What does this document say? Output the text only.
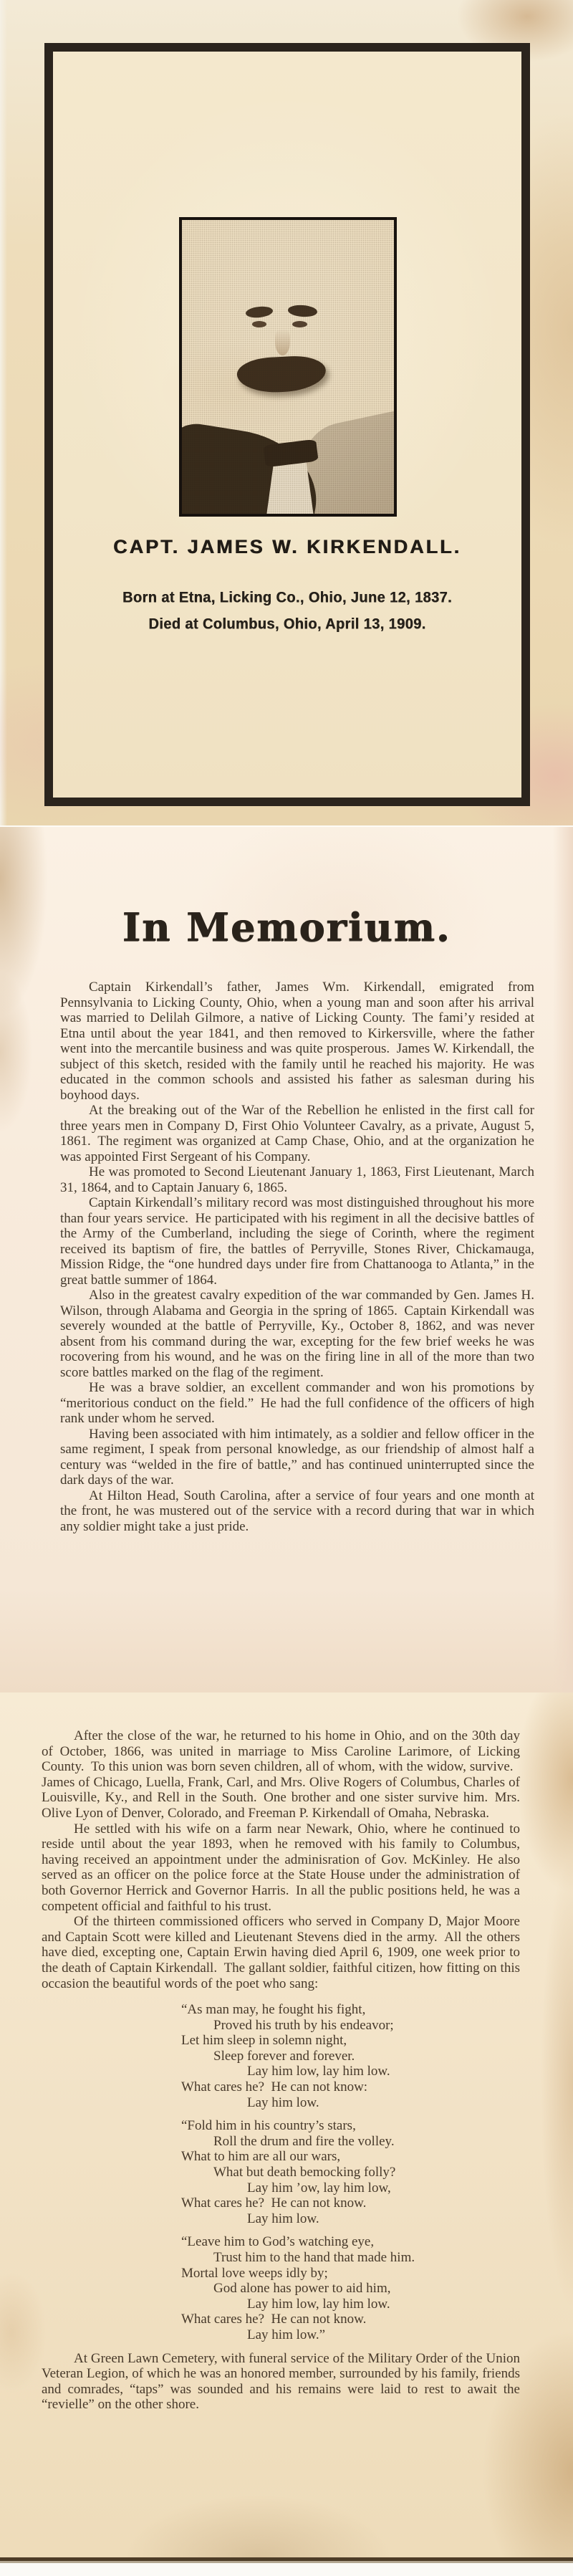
CAPT. JAMES W. KIRKENDALL.

Born at Etna, Licking Co., Ohio, June 12, 1837.

Died at Columbus, Ohio, April 13, 1909.

In Memorium.

Captain Kirkendall’s father, James Wm. Kirkendall, emigrated from Pennsylvania to Licking County, Ohio, when a young man and soon after his arrival was married to Delilah Gilmore, a native of Licking County. The fami’y resided at Etna until about the year 1841, and then removed to Kirkersville, where the father went into the mercantile business and was quite prosperous. James W. Kirkendall, the subject of this sketch, resided with the family until he reached his majority. He was educated in the common schools and assisted his father as salesman during his boyhood days.

At the breaking out of the War of the Rebellion he enlisted in the first call for three years men in Company D, First Ohio Volunteer Cavalry, as a private, August 5, 1861. The regiment was organized at Camp Chase, Ohio, and at the organization he was appointed First Sergeant of his Company.

He was promoted to Second Lieutenant January 1, 1863, First Lieutenant, March 31, 1864, and to Captain January 6, 1865.

Captain Kirkendall’s military record was most distinguished throughout his more than four years service. He participated with his regiment in all the decisive battles of the Army of the Cumberland, including the siege of Corinth, where the regiment received its baptism of fire, the battles of Perryville, Stones River, Chickamauga, Mission Ridge, the “one hundred days under fire from Chattanooga to Atlanta,” in the great battle summer of 1864.

Also in the greatest cavalry expedition of the war commanded by Gen. James H. Wilson, through Alabama and Georgia in the spring of 1865. Captain Kirkendall was severely wounded at the battle of Perryville, Ky., October 8, 1862, and was never absent from his command during the war, excepting for the few brief weeks he was rocovering from his wound, and he was on the firing line in all of the more than two score battles marked on the flag of the regiment.

He was a brave soldier, an excellent commander and won his promotions by “meritorious conduct on the field.” He had the full confidence of the officers of high rank under whom he served.

Having been associated with him intimately, as a soldier and fellow officer in the same regiment, I speak from personal knowledge, as our friendship of almost half a century was “welded in the fire of battle,” and has continued uninterrupted since the dark days of the war.

At Hilton Head, South Carolina, after a service of four years and one month at the front, he was mustered out of the service with a record during that war in which any soldier might take a just pride.

After the close of the war, he returned to his home in Ohio, and on the 30th day of October, 1866, was united in marriage to Miss Caroline Larimore, of Licking County. To this union was born seven children, all of whom, with the widow, survive. James of Chicago, Luella, Frank, Carl, and Mrs. Olive Rogers of Columbus, Charles of Louisville, Ky., and Rell in the South. One brother and one sister survive him. Mrs. Olive Lyon of Denver, Colorado, and Freeman P. Kirkendall of Omaha, Nebraska.

He settled with his wife on a farm near Newark, Ohio, where he continued to reside until about the year 1893, when he removed with his family to Columbus, having received an appointment under the adminisration of Gov. McKinley. He also served as an officer on the police force at the State House under the administration of both Governor Herrick and Governor Harris. In all the public positions held, he was a competent official and faithful to his trust.

Of the thirteen commissioned officers who served in Company D, Major Moore and Captain Scott were killed and Lieutenant Stevens died in the army. All the others have died, excepting one, Captain Erwin having died April 6, 1909, one week prior to the death of Captain Kirkendall. The gallant soldier, faithful citizen, how fitting on this occasion the beautiful words of the poet who sang:

“As man may, he fought his fight,

Proved his truth by his endeavor;

Let him sleep in solemn night,

Sleep forever and forever.

Lay him low, lay him low.

What cares he? He can not know:

Lay him low.

“Fold him in his country’s stars,

Roll the drum and fire the volley.

What to him are all our wars,

What but death bemocking folly?

Lay him ’ow, lay him low,

What cares he? He can not know.

Lay him low.

“Leave him to God’s watching eye,

Trust him to the hand that made him.

Mortal love weeps idly by;

God alone has power to aid him,

Lay him low, lay him low.

What cares he? He can not know.

Lay him low.”

At Green Lawn Cemetery, with funeral service of the Military Order of the Union Veteran Legion, of which he was an honored member, surrounded by his family, friends and comrades, “taps” was sounded and his remains were laid to rest to await the “revielle” on the other shore.
